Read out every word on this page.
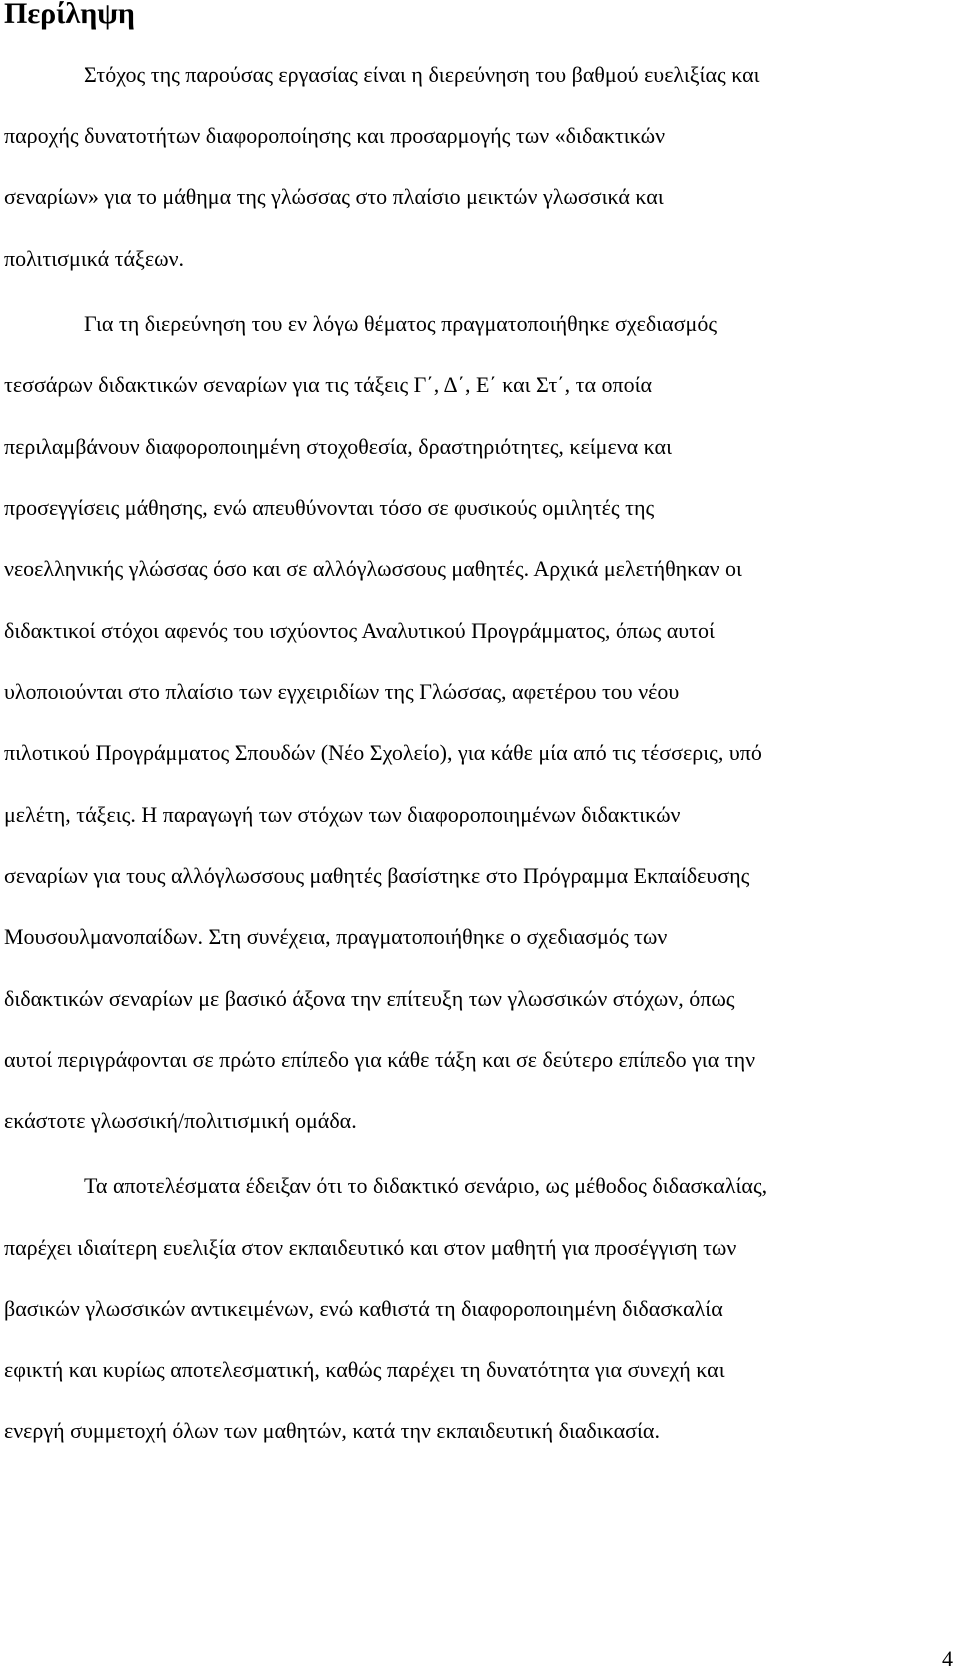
Περίληψη
Στόχος της παρούσας εργασίας είναι η διερεύνηση του βαθμού ευελιξίας και
παροχής δυνατοτήτων διαφοροποίησης και προσαρμογής των «διδακτικών
σεναρίων» για το μάθημα της γλώσσας στο πλαίσιο μεικτών γλωσσικά και
πολιτισμικά τάξεων.
Για τη διερεύνηση του εν λόγω θέματος πραγματοποιήθηκε σχεδιασμός
τεσσάρων διδακτικών σεναρίων για τις τάξεις Γ΄, Δ΄, Ε΄ και Στ΄, τα οποία
περιλαμβάνουν διαφοροποιημένη στοχοθεσία, δραστηριότητες, κείμενα και
προσεγγίσεις μάθησης, ενώ απευθύνονται τόσο σε φυσικούς ομιλητές της
νεοελληνικής γλώσσας όσο και σε αλλόγλωσσους μαθητές. Αρχικά μελετήθηκαν οι
διδακτικοί στόχοι αφενός του ισχύοντος Αναλυτικού Προγράμματος, όπως αυτοί
υλοποιούνται στο πλαίσιο των εγχειριδίων της Γλώσσας, αφετέρου του νέου
πιλοτικού Προγράμματος Σπουδών (Νέο Σχολείο), για κάθε μία από τις τέσσερις, υπό
μελέτη, τάξεις. Η παραγωγή των στόχων των διαφοροποιημένων διδακτικών
σεναρίων για τους αλλόγλωσσους μαθητές βασίστηκε στο Πρόγραμμα Εκπαίδευσης
Μουσουλμανοπαίδων. Στη συνέχεια, πραγματοποιήθηκε ο σχεδιασμός των
διδακτικών σεναρίων με βασικό άξονα την επίτευξη των γλωσσικών στόχων, όπως
αυτοί περιγράφονται σε πρώτο επίπεδο για κάθε τάξη και σε δεύτερο επίπεδο για την
εκάστοτε γλωσσική/πολιτισμική ομάδα.
Τα αποτελέσματα έδειξαν ότι το διδακτικό σενάριο, ως μέθοδος διδασκαλίας,
παρέχει ιδιαίτερη ευελιξία στον εκπαιδευτικό και στον μαθητή για προσέγγιση των
βασικών γλωσσικών αντικειμένων, ενώ καθιστά τη διαφοροποιημένη διδασκαλία
εφικτή και κυρίως αποτελεσματική, καθώς παρέχει τη δυνατότητα για συνεχή και
ενεργή συμμετοχή όλων των μαθητών, κατά την εκπαιδευτική διαδικασία.
4
